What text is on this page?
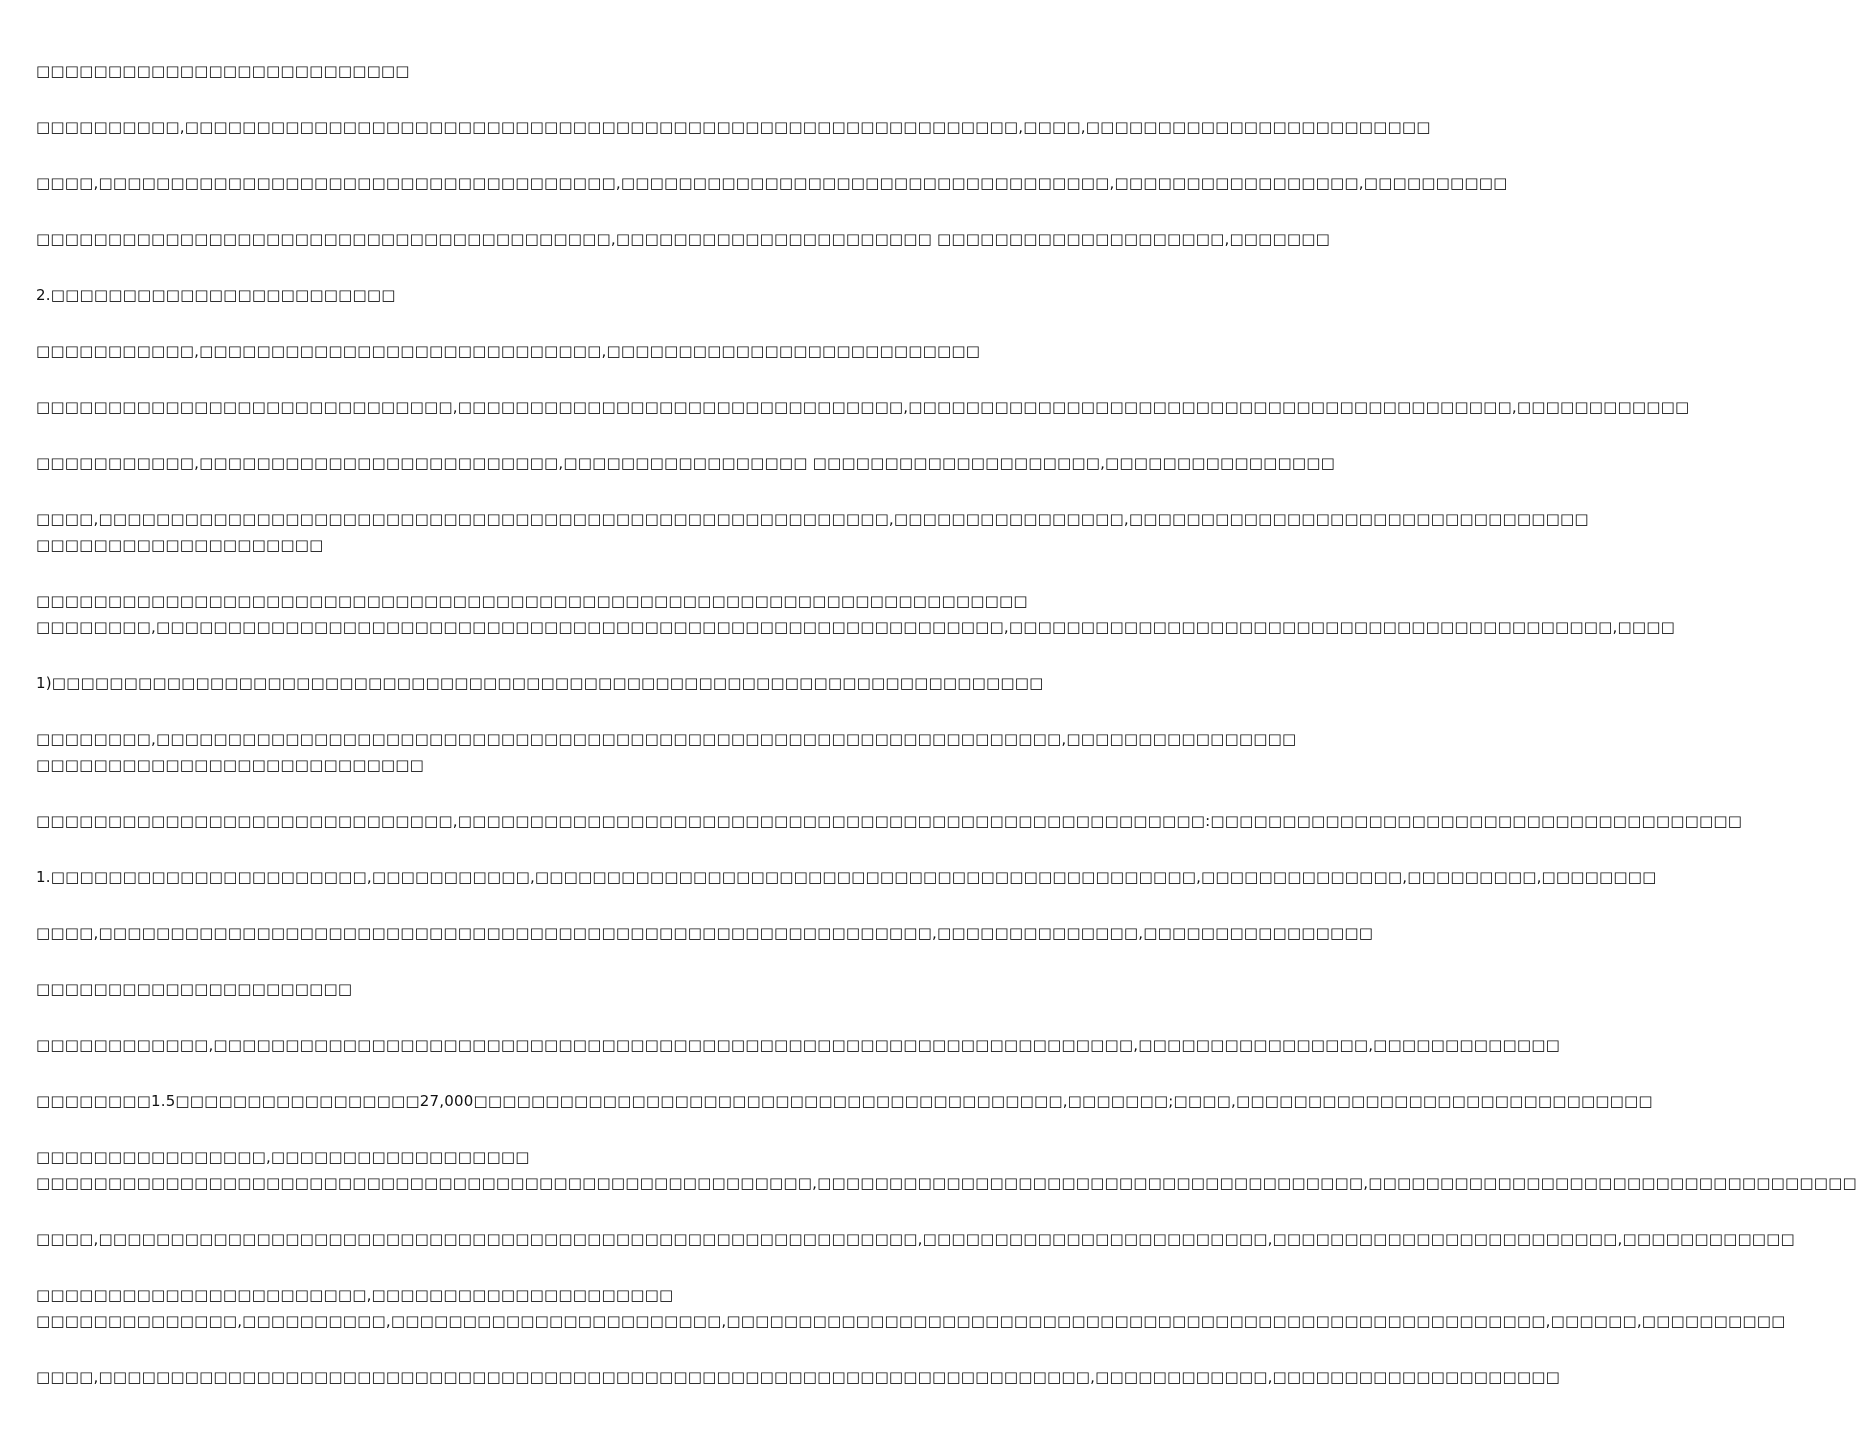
□□□□□□□□□□□□□□□□□□□□□□□□□□
□□□□□□□□□□,□□□□□□□□□□□□□□□□□□□□□□□□□□□□□□□□□□□□□□□□□□□□□□□□□□□□□□□□□□,□□□□,□□□□□□□□□□□□□□□□□□□□□□□□
□□□□,□□□□□□□□□□□□□□□□□□□□□□□□□□□□□□□□□□□□,□□□□□□□□□□□□□□□□□□□□□□□□□□□□□□□□□□,□□□□□□□□□□□□□□□□□,□□□□□□□□□□
□□□□□□□□□□□□□□□□□□□□□□□□□□□□□□□□□□□□□□□□,□□□□□□□□□□□□□□□□□□□□□□ □□□□□□□□□□□□□□□□□□□□,□□□□□□□
2.□□□□□□□□□□□□□□□□□□□□□□□□
□□□□□□□□□□□,□□□□□□□□□□□□□□□□□□□□□□□□□□□□,□□□□□□□□□□□□□□□□□□□□□□□□□□
□□□□□□□□□□□□□□□□□□□□□□□□□□□□□,□□□□□□□□□□□□□□□□□□□□□□□□□□□□□□□,□□□□□□□□□□□□□□□□□□□□□□□□□□□□□□□□□□□□□□□□□□,□□□□□□□□□□□□
□□□□□□□□□□□,□□□□□□□□□□□□□□□□□□□□□□□□□,□□□□□□□□□□□□□□□□□ □□□□□□□□□□□□□□□□□□□□,□□□□□□□□□□□□□□□□
□□□□,□□□□□□□□□□□□□□□□□□□□□□□□□□□□□□□□□□□□□□□□□□□□□□□□□□□□□□□,□□□□□□□□□□□□□□□□,□□□□□□□□□□□□□□□□□□□□□□□□□□□□□□□□
□□□□□□□□□□□□□□□□□□□□
□□□□□□□□□□□□□□□□□□□□□□□□□□□□□□□□□□□□□□□□□□□□□□□□□□□□□□□□□□□□□□□□□□□□□
□□□□□□□□,□□□□□□□□□□□□□□□□□□□□□□□□□□□□□□□□□□□□□□□□□□□□□□□□□□□□□□□□□□□,□□□□□□□□□□□□□□□□□□□□□□□□□□□□□□□□□□□□□□□□□□,□□□□
1)□□□□□□□□□□□□□□□□□□□□□□□□□□□□□□□□□□□□□□□□□□□□□□□□□□□□□□□□□□□□□□□□□□□□□
□□□□□□□□,□□□□□□□□□□□□□□□□□□□□□□□□□□□□□□□□□□□□□□□□□□□□□□□□□□□□□□□□□□□□□□□,□□□□□□□□□□□□□□□□
□□□□□□□□□□□□□□□□□□□□□□□□□□□
□□□□□□□□□□□□□□□□□□□□□□□□□□□□□,□□□□□□□□□□□□□□□□□□□□□□□□□□□□□□□□□□□□□□□□□□□□□□□□□□□□:□□□□□□□□□□□□□□□□□□□□□□□□□□□□□□□□□□□□□
1.□□□□□□□□□□□□□□□□□□□□□□,□□□□□□□□□□□,□□□□□□□□□□□□□□□□□□□□□□□□□□□□□□□□□□□□□□□□□□□□□□,□□□□□□□□□□□□□□,□□□□□□□□□,□□□□□□□□
□□□□,□□□□□□□□□□□□□□□□□□□□□□□□□□□□□□□□□□□□□□□□□□□□□□□□□□□□□□□□□□,□□□□□□□□□□□□□□,□□□□□□□□□□□□□□□□
□□□□□□□□□□□□□□□□□□□□□□
□□□□□□□□□□□□,□□□□□□□□□□□□□□□□□□□□□□□□□□□□□□□□□□□□□□□□□□□□□□□□□□□□□□□□□□□□□□□□,□□□□□□□□□□□□□□□□,□□□□□□□□□□□□□
□□□□□□□□1.5□□□□□□□□□□□□□□□□□27,000□□□□□□□□□□□□□□□□□□□□□□□□□□□□□□□□□□□□□□□□□,□□□□□□□;□□□□,□□□□□□□□□□□□□□□□□□□□□□□□□□□□□
□□□□□□□□□□□□□□□□,□□□□□□□□□□□□□□□□□□
□□□□□□□□□□□□□□□□□□□□□□□□□□□□□□□□□□□□□□□□□□□□□□□□□□□□□□,□□□□□□□□□□□□□□□□□□□□□□□□□□□□□□□□□□□□□□,□□□□□□□□□□□□□□□□□□□□□□□□□□□□□□□□□□
□□□□,□□□□□□□□□□□□□□□□□□□□□□□□□□□□□□□□□□□□□□□□□□□□□□□□□□□□□□□□□,□□□□□□□□□□□□□□□□□□□□□□□□,□□□□□□□□□□□□□□□□□□□□□□□□,□□□□□□□□□□□□
□□□□□□□□□□□□□□□□□□□□□□□,□□□□□□□□□□□□□□□□□□□□□
□□□□□□□□□□□□□□,□□□□□□□□□□,□□□□□□□□□□□□□□□□□□□□□□□,□□□□□□□□□□□□□□□□□□□□□□□□□□□□□□□□□□□□□□□□□□□□□□□□□□□□□□□□□,□□□□□□,□□□□□□□□□□
□□□□,□□□□□□□□□□□□□□□□□□□□□□□□□□□□□□□□□□□□□□□□□□□□□□□□□□□□□□□□□□□□□□□□□□□□□,□□□□□□□□□□□□,□□□□□□□□□□□□□□□□□□□□
